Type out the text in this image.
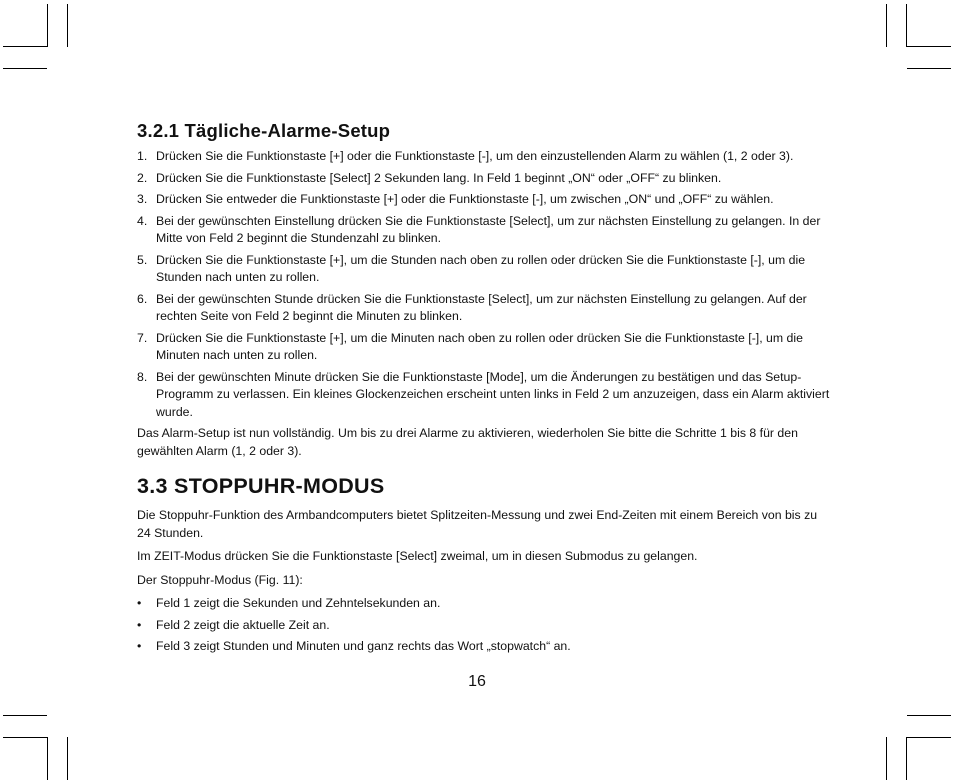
3.2.1 Tägliche-Alarme-Setup
1. Drücken Sie die Funktionstaste [+] oder die Funktionstaste [-], um den einzustellenden Alarm zu wählen (1, 2 oder 3).
2. Drücken Sie die Funktionstaste [Select] 2 Sekunden lang. In Feld 1 beginnt „ON“ oder „OFF“ zu blinken.
3. Drücken Sie entweder die Funktionstaste [+] oder die Funktionstaste [-], um zwischen „ON“ und „OFF“ zu wählen.
4. Bei der gewünschten Einstellung drücken Sie die Funktionstaste [Select], um zur nächsten Einstellung zu gelangen. In der Mitte von Feld 2 beginnt die Stundenzahl zu blinken.
5. Drücken Sie die Funktionstaste [+], um die Stunden nach oben zu rollen oder drücken Sie die Funktionstaste [-], um die Stunden nach unten zu rollen.
6. Bei der gewünschten Stunde drücken Sie die Funktionstaste [Select], um zur nächsten Einstellung zu gelangen. Auf der rechten Seite von Feld 2 beginnt die Minuten zu blinken.
7. Drücken Sie die Funktionstaste [+], um die Minuten nach oben zu rollen oder drücken Sie die Funktionstaste [-], um die Minuten nach unten zu rollen.
8. Bei der gewünschten Minute drücken Sie die Funktionstaste [Mode], um die Änderungen zu bestätigen und das Setup-Programm zu verlassen. Ein kleines Glockenzeichen erscheint unten links in Feld 2 um anzuzeigen, dass ein Alarm aktiviert wurde.

Das Alarm-Setup ist nun vollständig. Um bis zu drei Alarme zu aktivieren, wiederholen Sie bitte die Schritte 1 bis 8 für den gewählten Alarm (1, 2 oder 3).

3.3 STOPPUHR-MODUS

Die Stoppuhr-Funktion des Armbandcomputers bietet Splitzeiten-Messung und zwei End-Zeiten mit einem Bereich von bis zu 24 Stunden.

Im ZEIT-Modus drücken Sie die Funktionstaste [Select] zweimal, um in diesen Submodus zu gelangen.

Der Stoppuhr-Modus (Fig. 11):

• Feld 1 zeigt die Sekunden und Zehntelsekunden an.
• Feld 2 zeigt die aktuelle Zeit an.
• Feld 3 zeigt Stunden und Minuten und ganz rechts das Wort „stopwatch“ an.
16
